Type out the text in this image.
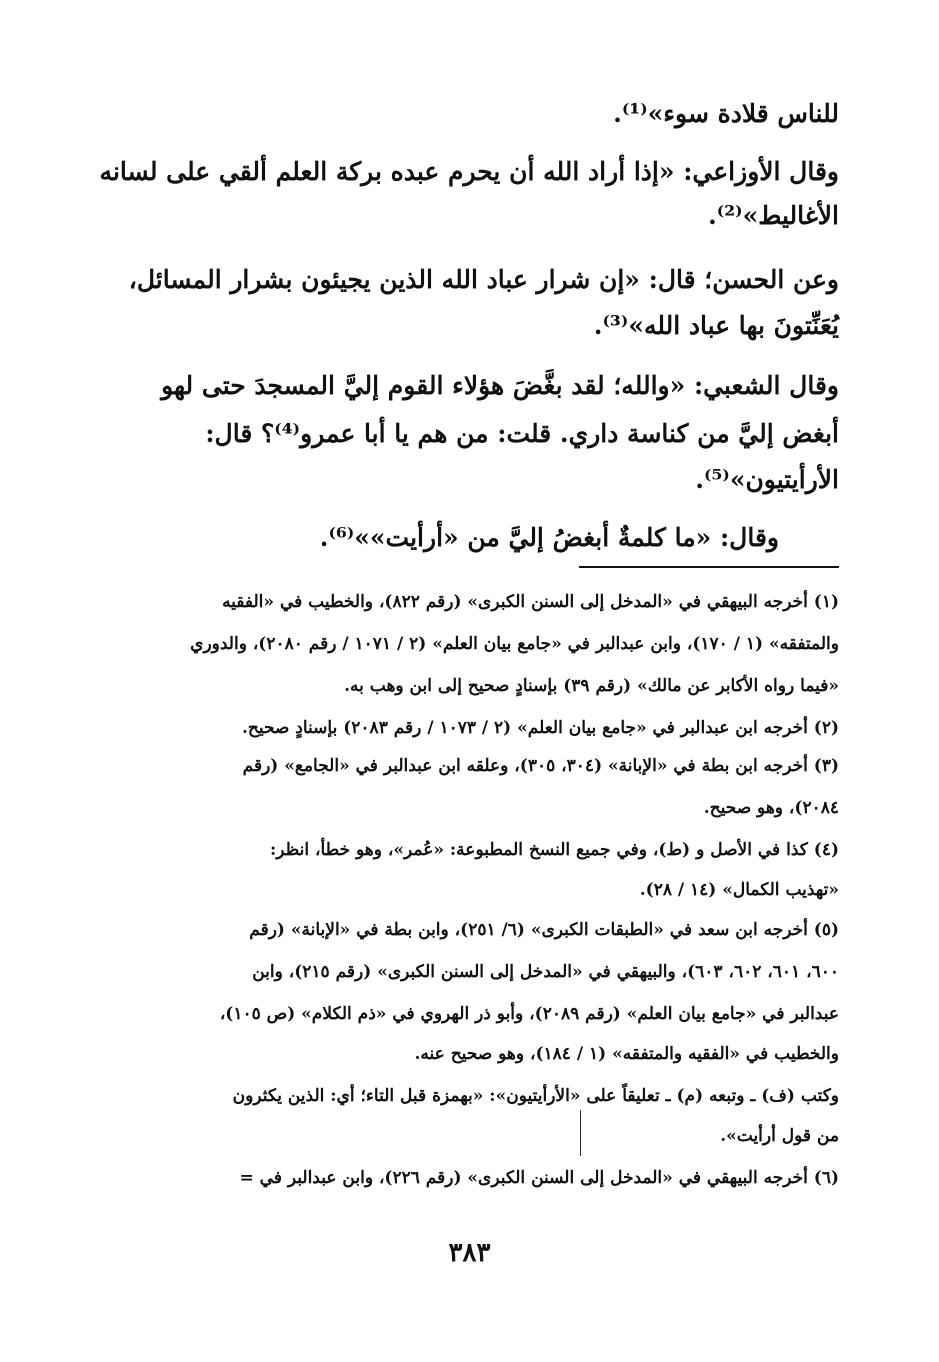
للناس قلادة سوء»⁽¹⁾.
وقال الأوزاعي: «إذا أراد الله أن يحرم عبده بركة العلم ألقي على لسانه
الأغاليط»⁽²⁾.
وعن الحسن؛ قال: «إن شرار عباد الله الذين يجيئون بشرار المسائل،
يُعَنِّتونَ بها عباد الله»⁽³⁾.
وقال الشعبي: «والله؛ لقد بغَّضَ هؤلاء القوم إليَّ المسجدَ حتى لهو
أبغض إليَّ من كناسة داري. قلت: من هم يا أبا عمرو⁽⁴⁾؟ قال:
الأرأيتيون»⁽⁵⁾.
وقال: «ما كلمةٌ أبغضُ إليَّ من «أرأيت»»⁽⁶⁾.
(١) أخرجه البيهقي في «المدخل إلى السنن الكبرى» (رقم ٨٢٢)، والخطيب في «الفقيه
والمتفقه» (١ / ١٧٠)، وابن عبدالبر في «جامع بيان العلم» (٢ / ١٠٧١ / رقم ٢٠٨٠)، والدوري
«فيما رواه الأكابر عن مالك» (رقم ٣٩) بإسنادٍ صحيح إلى ابن وهب به.
(٢) أخرجه ابن عبدالبر في «جامع بيان العلم» (٢ / ١٠٧٣ / رقم ٢٠٨٣) بإسنادٍ صحيح.
(٣) أخرجه ابن بطة في «الإبانة» (٣٠٤، ٣٠٥)، وعلقه ابن عبدالبر في «الجامع» (رقم
٢٠٨٤)، وهو صحيح.
(٤) كذا في الأصل و (ط)، وفي جميع النسخ المطبوعة: «عُمر»، وهو خطأ، انظر:
«تهذيب الكمال» (١٤ / ٢٨).
(٥) أخرجه ابن سعد في «الطبقات الكبرى» (٦/ ٢٥١)، وابن بطة في «الإبانة» (رقم
٦٠٠، ٦٠١، ٦٠٢، ٦٠٣)، والبيهقي في «المدخل إلى السنن الكبرى» (رقم ٢١٥)، وابن
عبدالبر في «جامع بيان العلم» (رقم ٢٠٨٩)، وأبو ذر الهروي في «ذم الكلام» (ص ١٠٥)،
والخطيب في «الفقيه والمتفقه» (١ / ١٨٤)، وهو صحيح عنه.
وكتب (ف) ـ وتبعه (م) ـ تعليقاً على «الأرأيتيون»: «بهمزة قبل التاء؛ أي: الذين يكثرون
من قول أرأيت».
(٦) أخرجه البيهقي في «المدخل إلى السنن الكبرى» (رقم ٢٢٦)، وابن عبدالبر في =
٣٨٣
